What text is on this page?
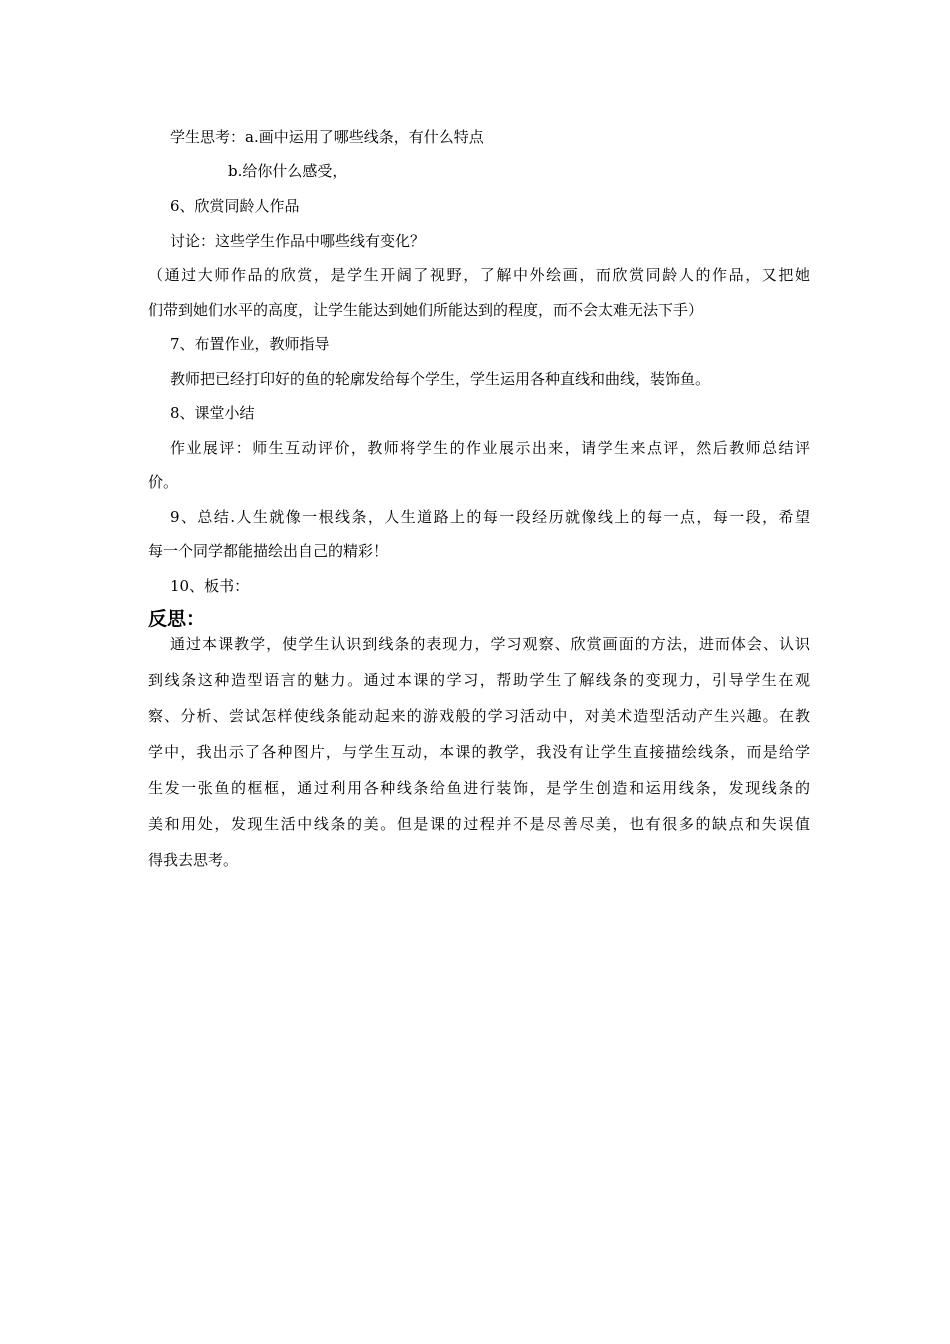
学生思考：a.画中运用了哪些线条，有什么特点
b.给你什么感受，
6、欣赏同龄人作品
讨论：这些学生作品中哪些线有变化？
（通过大师作品的欣赏，是学生开阔了视野，了解中外绘画，而欣赏同龄人的作品，又把她
们带到她们水平的高度，让学生能达到她们所能达到的程度，而不会太难无法下手）
7、布置作业，教师指导
教师把已经打印好的鱼的轮廓发给每个学生，学生运用各种直线和曲线，装饰鱼。
8、课堂小结
作业展评：师生互动评价，教师将学生的作业展示出来，请学生来点评，然后教师总结评
价。
9、总结.人生就像一根线条，人生道路上的每一段经历就像线上的每一点，每一段，希望
每一个同学都能描绘出自己的精彩！
10、板书：
反思：
通过本课教学，使学生认识到线条的表现力，学习观察、欣赏画面的方法，进而体会、认识
到线条这种造型语言的魅力。通过本课的学习，帮助学生了解线条的变现力，引导学生在观
察、分析、尝试怎样使线条能动起来的游戏般的学习活动中，对美术造型活动产生兴趣。在教
学中，我出示了各种图片，与学生互动，本课的教学，我没有让学生直接描绘线条，而是给学
生发一张鱼的框框，通过利用各种线条给鱼进行装饰，是学生创造和运用线条，发现线条的
美和用处，发现生活中线条的美。但是课的过程并不是尽善尽美，也有很多的缺点和失误值
得我去思考。
